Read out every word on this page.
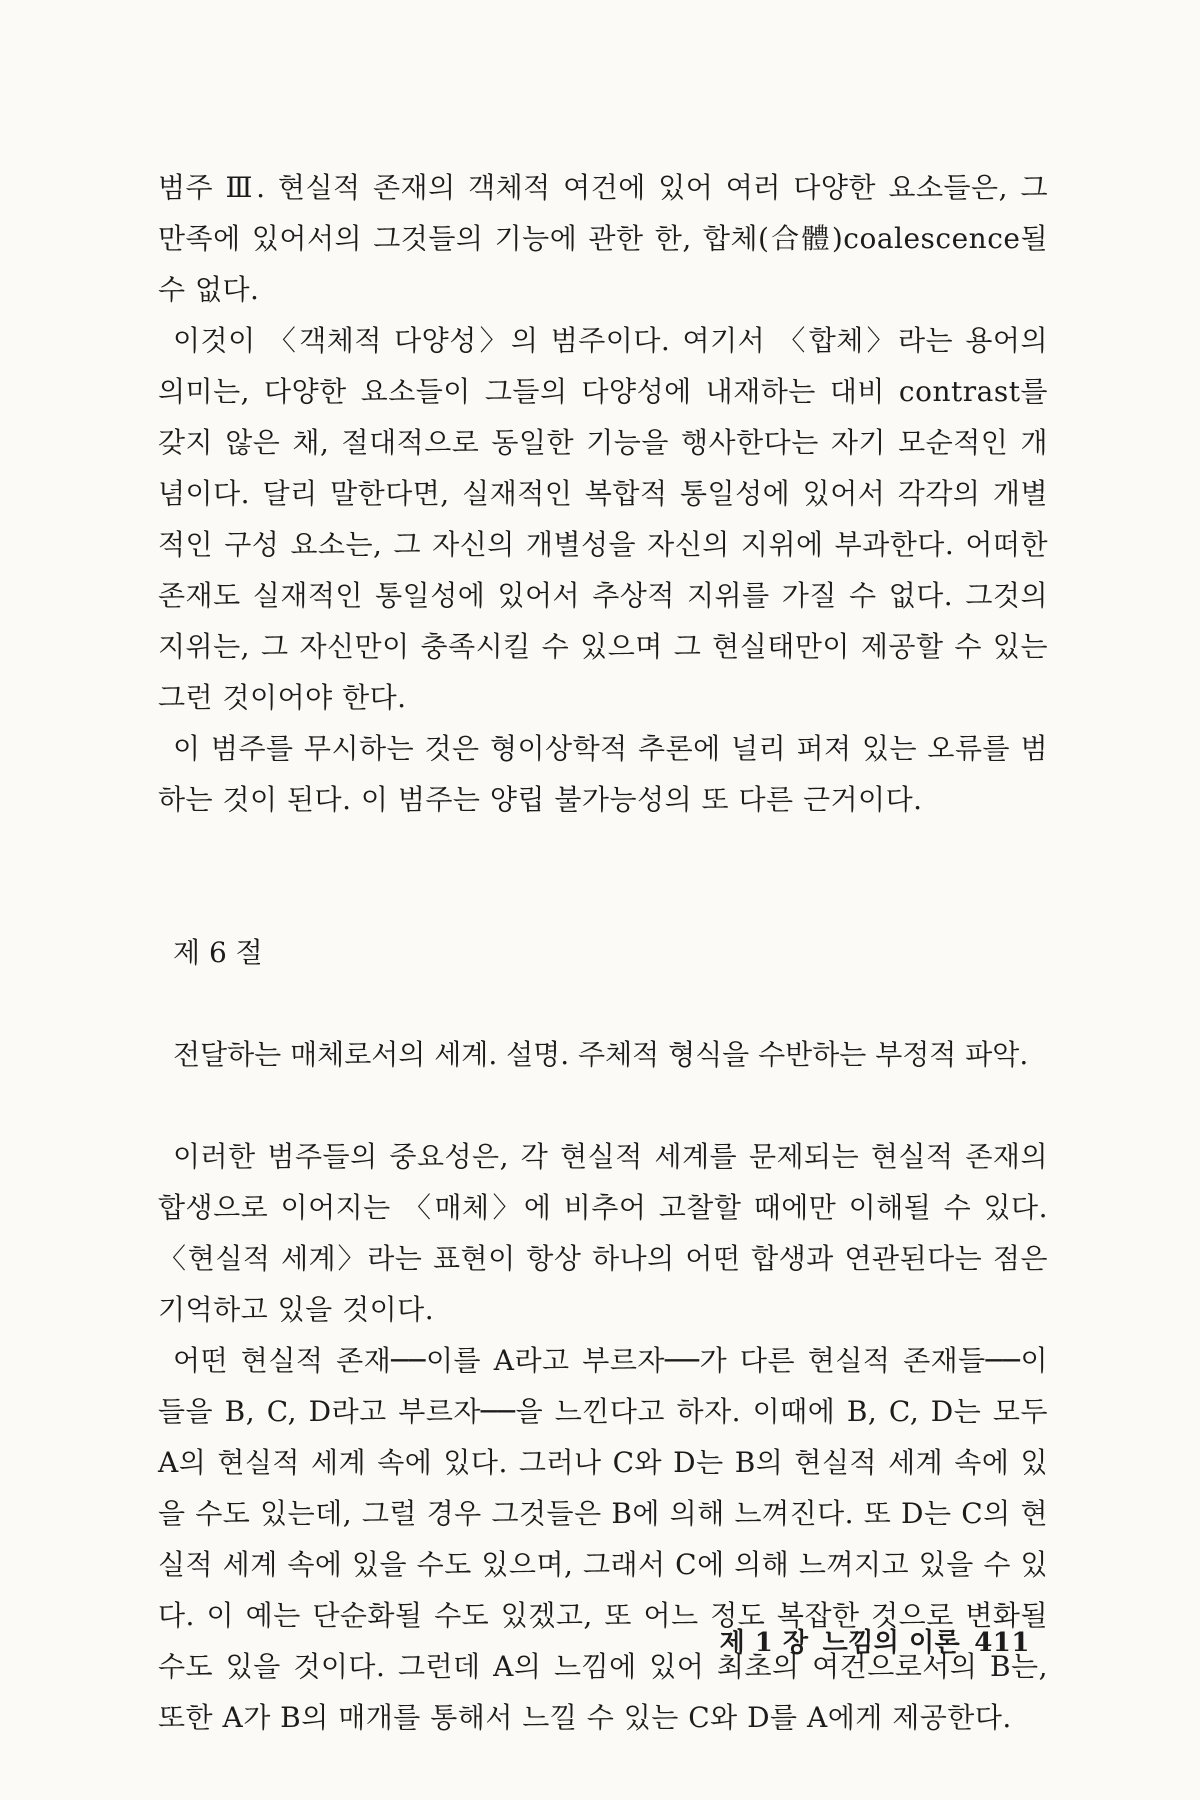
범주 Ⅲ. 현실적 존재의 객체적 여건에 있어 여러 다양한 요소들은, 그 만족에 있어서의 그것들의 기능에 관한 한, 합체(合體)coalescence될 수 없다.

이것이 〈객체적 다양성〉의 범주이다. 여기서 〈합체〉라는 용어의 의미는, 다양한 요소들이 그들의 다양성에 내재하는 대비 contrast를 갖지 않은 채, 절대적으로 동일한 기능을 행사한다는 자기 모순적인 개념이다. 달리 말한다면, 실재적인 복합적 통일성에 있어서 각각의 개별적인 구성 요소는, 그 자신의 개별성을 자신의 지위에 부과한다. 어떠한 존재도 실재적인 통일성에 있어서 추상적 지위를 가질 수 없다. 그것의 지위는, 그 자신만이 충족시킬 수 있으며 그 현실태만이 제공할 수 있는 그런 것이어야 한다.

이 범주를 무시하는 것은 형이상학적 추론에 널리 퍼져 있는 오류를 범하는 것이 된다. 이 범주는 양립 불가능성의 또 다른 근거이다.

제 6 절

전달하는 매체로서의 세계. 설명. 주체적 형식을 수반하는 부정적 파악.

이러한 범주들의 중요성은, 각 현실적 세계를 문제되는 현실적 존재의 합생으로 이어지는 〈매체〉에 비추어 고찰할 때에만 이해될 수 있다. 〈현실적 세계〉라는 표현이 항상 하나의 어떤 합생과 연관된다는 점은 기억하고 있을 것이다.

어떤 현실적 존재──이를 A라고 부르자──가 다른 현실적 존재들──이들을 B, C, D라고 부르자──을 느낀다고 하자. 이때에 B, C, D는 모두 A의 현실적 세계 속에 있다. 그러나 C와 D는 B의 현실적 세계 속에 있을 수도 있는데, 그럴 경우 그것들은 B에 의해 느껴진다. 또 D는 C의 현실적 세계 속에 있을 수도 있으며, 그래서 C에 의해 느껴지고 있을 수 있다. 이 예는 단순화될 수도 있겠고, 또 어느 정도 복잡한 것으로 변화될 수도 있을 것이다. 그런데 A의 느낌에 있어 최초의 여건으로서의 B는, 또한 A가 B의 매개를 통해서 느낄 수 있는 C와 D를 A에게 제공한다.

제 1 장 느낌의 이론 411
